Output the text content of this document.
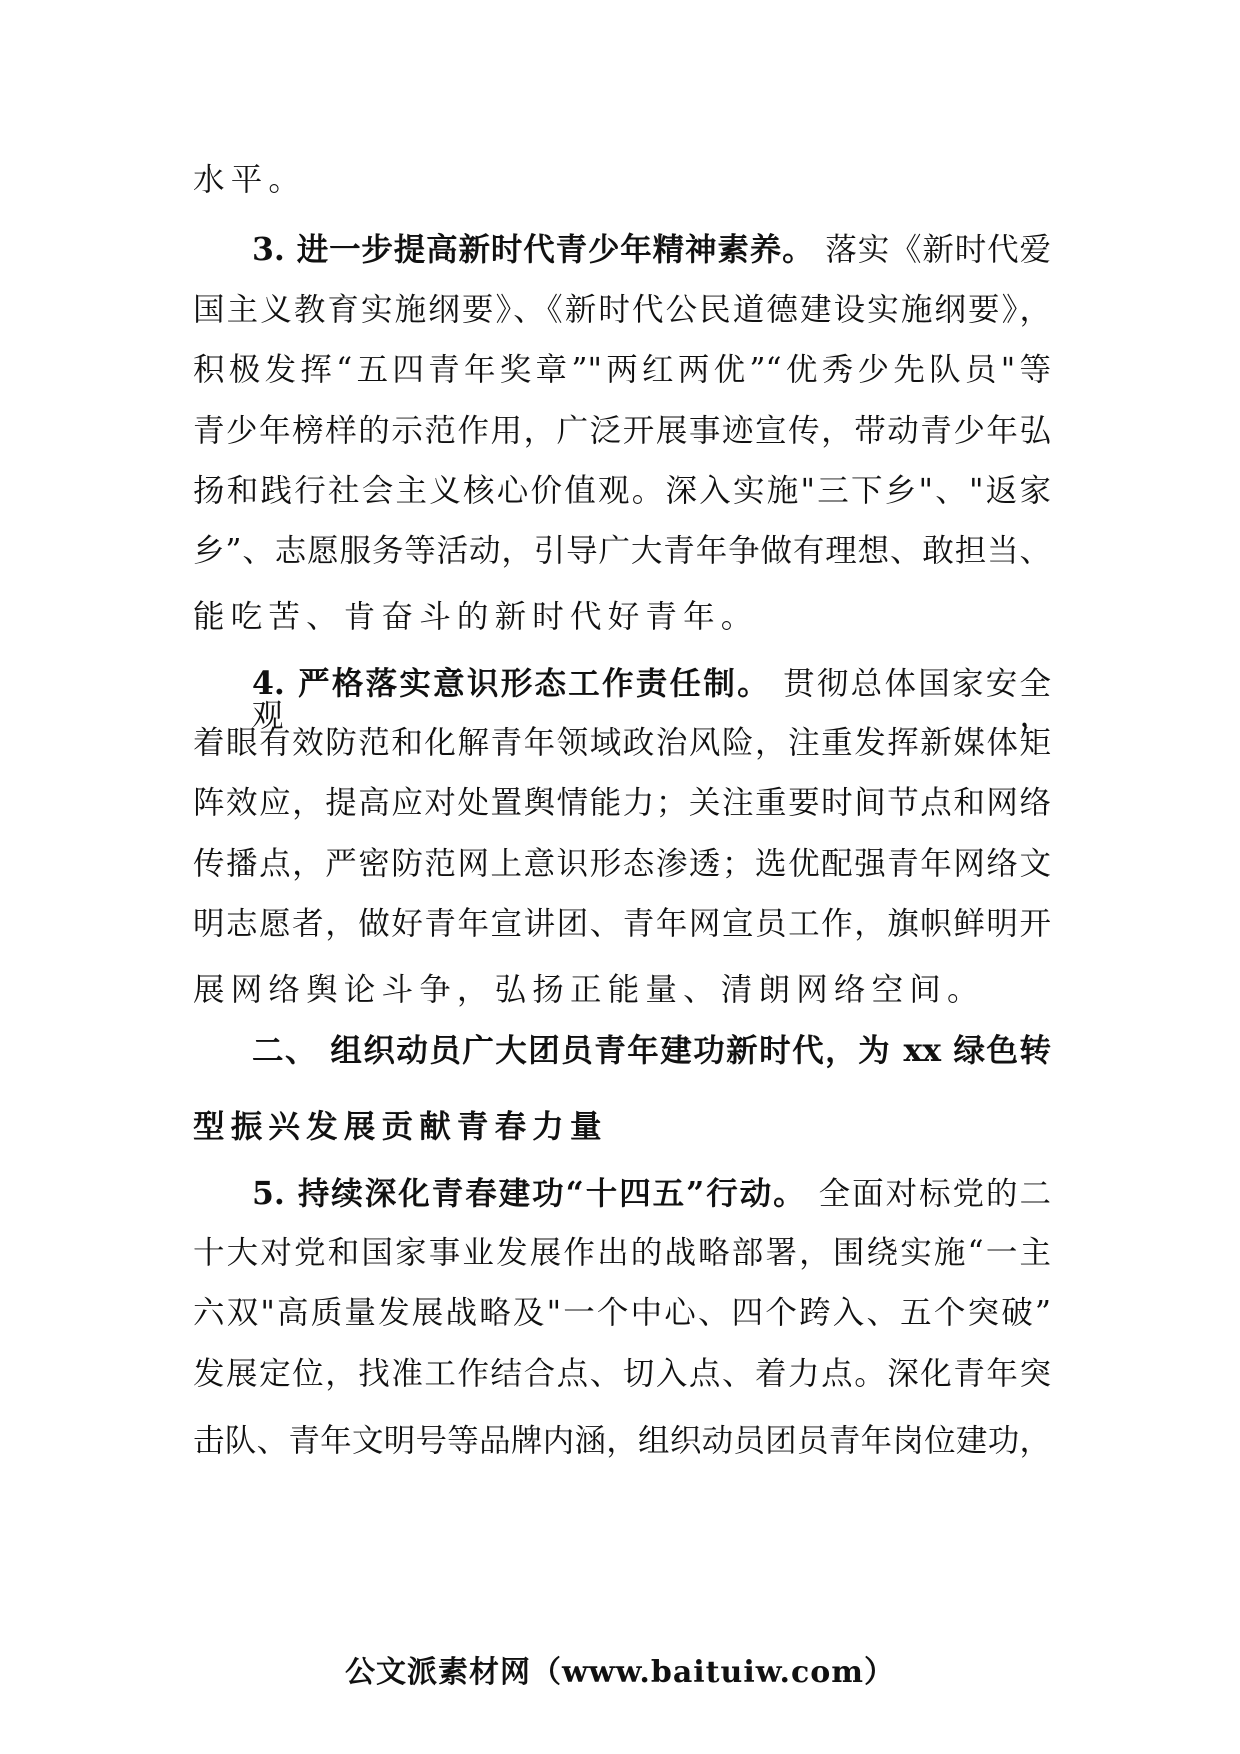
水平。
3. 进一步提高新时代青少年精神素养。 落实《新时代爱
国主义教育实施纲要》、《新时代公民道德建设实施纲要》，
积极发挥“五四青年奖章”"两红两优”“优秀少先队员"等
青少年榜样的示范作用，广泛开展事迹宣传，带动青少年弘
扬和践行社会主义核心价值观。深入实施"三下乡"、"返家
乡”、志愿服务等活动，引导广大青年争做有理想、敢担当、
能吃苦、肯奋斗的新时代好青年。
4. 严格落实意识形态工作责任制。 贯彻总体国家安全观，
着眼有效防范和化解青年领域政治风险，注重发挥新媒体矩
阵效应，提高应对处置舆情能力；关注重要时间节点和网络
传播点，严密防范网上意识形态渗透；选优配强青年网络文
明志愿者，做好青年宣讲团、青年网宣员工作，旗帜鲜明开
展网络舆论斗争，弘扬正能量、清朗网络空间。
二、 组织动员广大团员青年建功新时代，为 xx 绿色转
型振兴发展贡献青春力量
5. 持续深化青春建功“十四五”行动。 全面对标党的二
十大对党和国家事业发展作出的战略部署，围绕实施“一主
六双"高质量发展战略及"一个中心、四个跨入、五个突破”
发展定位，找准工作结合点、切入点、着力点。深化青年突
击队、青年文明号等品牌内涵，组织动员团员青年岗位建功，
公文派素材网（www.baituiw.com）
